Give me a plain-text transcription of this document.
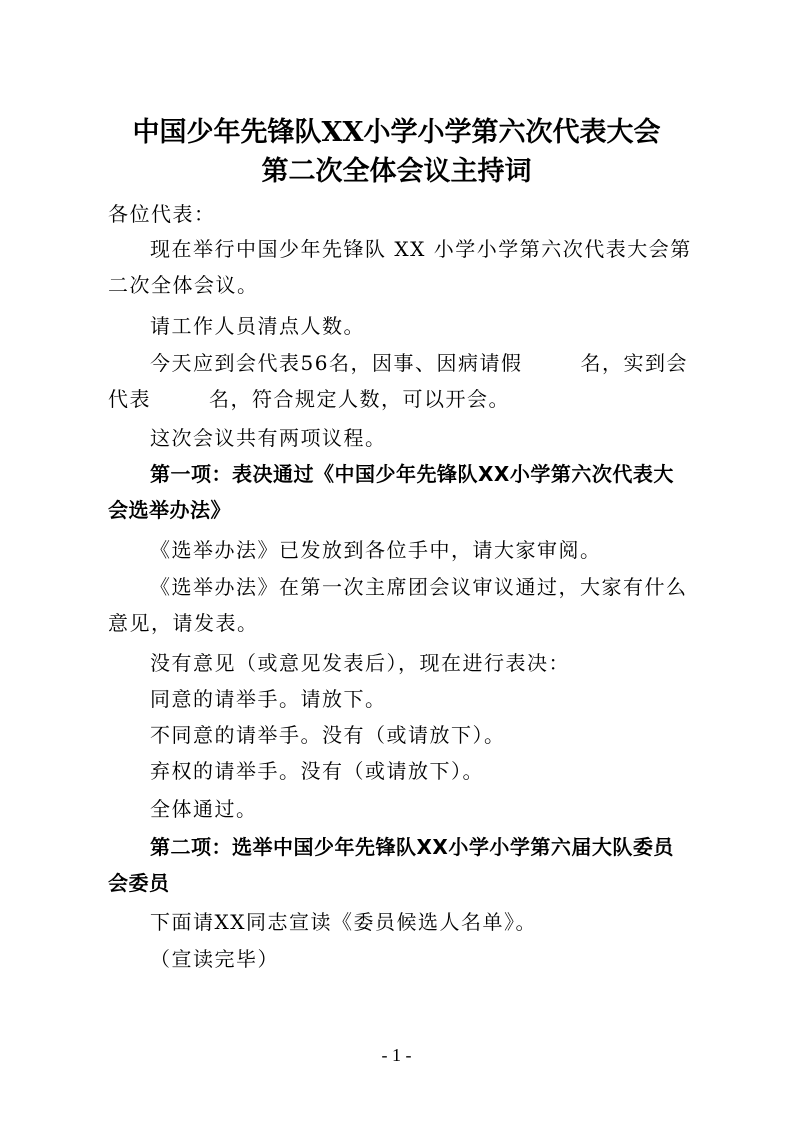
中国少年先锋队XX小学小学第六次代表大会
第二次全体会议主持词
各位代表：
现在举行中国少年先锋队 XX 小学小学第六次代表大会第
二次全体会议。
请工作人员清点人数。
今天应到会代表56名，因事、因病请假	名，实到会
代表	名，符合规定人数，可以开会。
这次会议共有两项议程。
第一项：表决通过《中国少年先锋队XX小学第六次代表大
会选举办法》
《选举办法》已发放到各位手中，请大家审阅。
《选举办法》在第一次主席团会议审议通过，大家有什么
意见，请发表。
没有意见（或意见发表后），现在进行表决：
同意的请举手。请放下。
不同意的请举手。没有（或请放下）。
弃权的请举手。没有（或请放下）。
全体通过。
第二项：选举中国少年先锋队XX小学小学第六届大队委员
会委员
下面请XX同志宣读《委员候选人名单》。
（宣读完毕）
- 1 -
